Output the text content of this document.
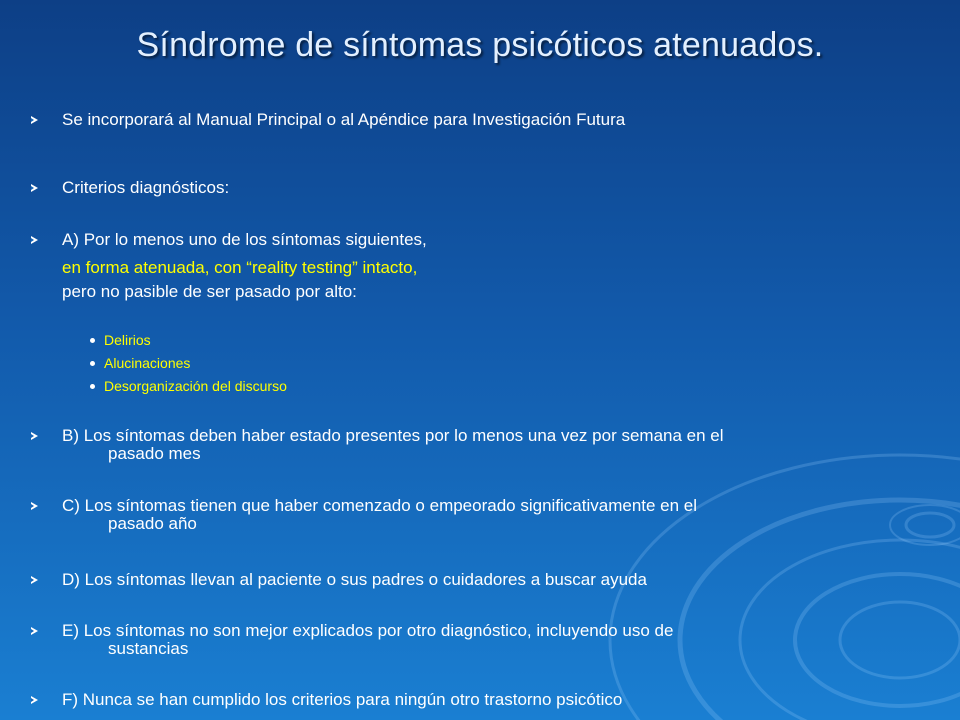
Síndrome de síntomas psicóticos atenuados.
Se incorporará al Manual Principal o al Apéndice para Investigación Futura
Criterios diagnósticos:
A) Por lo menos uno de los síntomas siguientes,
en forma atenuada, con “reality testing” intacto,
pero no pasible de ser pasado por alto:
Delirios
Alucinaciones
Desorganización del discurso
B) Los síntomas deben haber estado presentes por lo menos una vez por semana en el
pasado mes
C) Los síntomas tienen que haber comenzado o empeorado significativamente en el
pasado año
D) Los síntomas llevan al paciente o sus padres o cuidadores a buscar ayuda
E) Los síntomas no son mejor explicados por otro diagnóstico, incluyendo uso de
sustancias
F) Nunca se han cumplido los criterios para ningún otro trastorno psicótico
